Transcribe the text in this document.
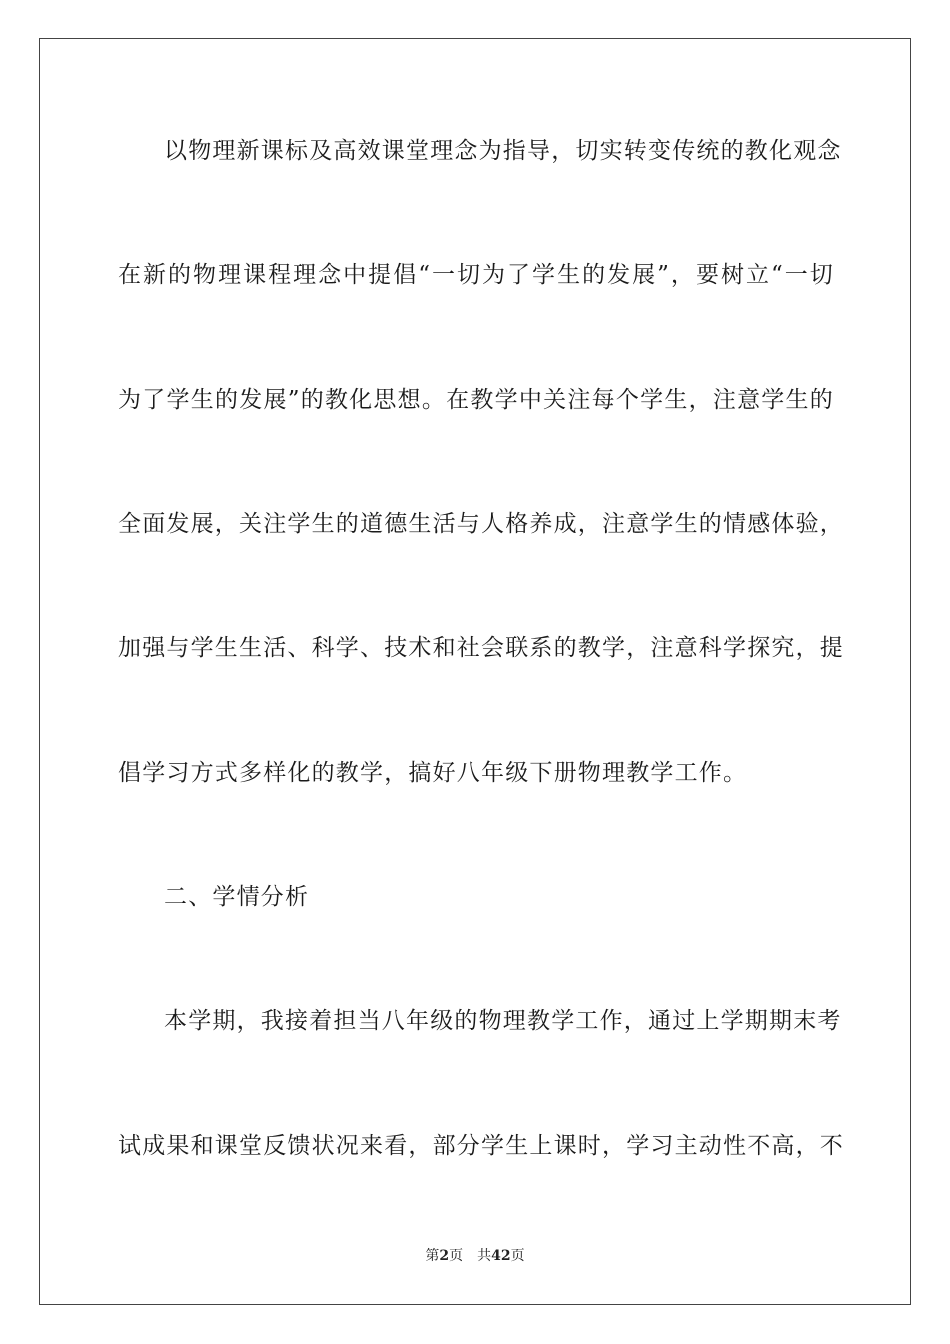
以物理新课标及高效课堂理念为指导，切实转变传统的教化观念
在新的物理课程理念中提倡“一切为了学生的发展”，要树立“一切
为了学生的发展”的教化思想。在教学中关注每个学生，注意学生的
全面发展，关注学生的道德生活与人格养成，注意学生的情感体验，
加强与学生生活、科学、技术和社会联系的教学，注意科学探究，提
倡学习方式多样化的教学，搞好八年级下册物理教学工作。
二、学情分析
本学期，我接着担当八年级的物理教学工作，通过上学期期末考
试成果和课堂反馈状况来看，部分学生上课时，学习主动性不高，不
第2页 共42页
